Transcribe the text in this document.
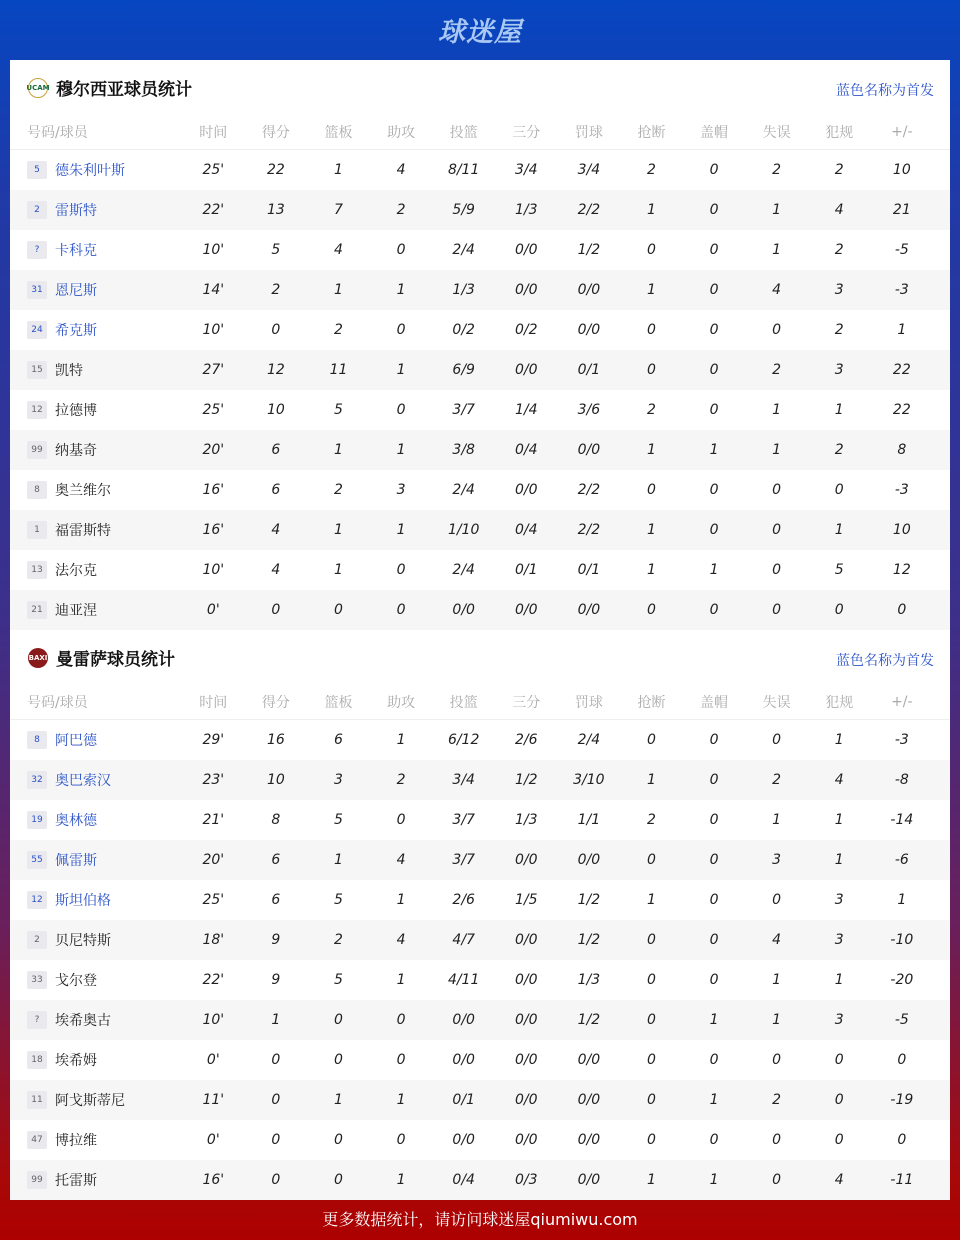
球迷屋
UCAM 穆尔西亚球员统计	蓝色名称为首发
号码/球员	时间	得分	篮板	助攻	投篮	三分	罚球	抢断	盖帽	失误	犯规	+/-
5	德朱利叶斯	25'	22	1	4	8/11	3/4	3/4	2	0	2	2	10
2	雷斯特	22'	13	7	2	5/9	1/3	2/2	1	0	1	4	21
?	卡科克	10'	5	4	0	2/4	0/0	1/2	0	0	1	2	-5
31 恩尼斯	14'	2	1	1	1/3	0/0	0/0	1	0	4	3	-3
24 希克斯	10'	0	2	0	0/2	0/2	0/0	0	0	0	2	1
15 凯特	27'	12	11	1	6/9	0/0	0/1	0	0	2	3	22
12 拉德博	25'	10	5	0	3/7	1/4	3/6	2	0	1	1	22
99 纳基奇	20'	6	1	1	3/8	0/4	0/0	1	1	1	2	8
8	奥兰维尔	16'	6	2	3	2/4	0/0	2/2	0	0	0	0	-3
1	福雷斯特	16'	4	1	1	1/10	0/4	2/2	1	0	0	1	10
13 法尔克	10'	4	1	0	2/4	0/1	0/1	1	1	0	5	12
21 迪亚涅	0'	0	0	0	0/0	0/0	0/0	0	0	0	0	0
BAXI 曼雷萨球员统计	蓝色名称为首发
号码/球员	时间	得分	篮板	助攻	投篮	三分	罚球	抢断	盖帽	失误	犯规	+/-
8	阿巴德	29'	16	6	1	6/12	2/6	2/4	0	0	0	1	-3
32 奥巴索汉	23'	10	3	2	3/4	1/2	3/10	1	0	2	4	-8
19 奥林德	21'	8	5	0	3/7	1/3	1/1	2	0	1	1	-14
55 佩雷斯	20'	6	1	4	3/7	0/0	0/0	0	0	3	1	-6
12 斯坦伯格	25'	6	5	1	2/6	1/5	1/2	1	0	0	3	1
2	贝尼特斯	18'	9	2	4	4/7	0/0	1/2	0	0	4	3	-10
33 戈尔登	22'	9	5	1	4/11	0/0	1/3	0	0	1	1	-20
?	埃希奥古	10'	1	0	0	0/0	0/0	1/2	0	1	1	3	-5
18 埃希姆	0'	0	0	0	0/0	0/0	0/0	0	0	0	0	0
11 阿戈斯蒂尼	11'	0	1	1	0/1	0/0	0/0	0	1	2	0	-19
47 博拉维	0'	0	0	0	0/0	0/0	0/0	0	0	0	0	0
99 托雷斯	16'	0	0	1	0/4	0/3	0/0	1	1	0	4	-11
更多数据统计，请访问球迷屋qiumiwu.com
